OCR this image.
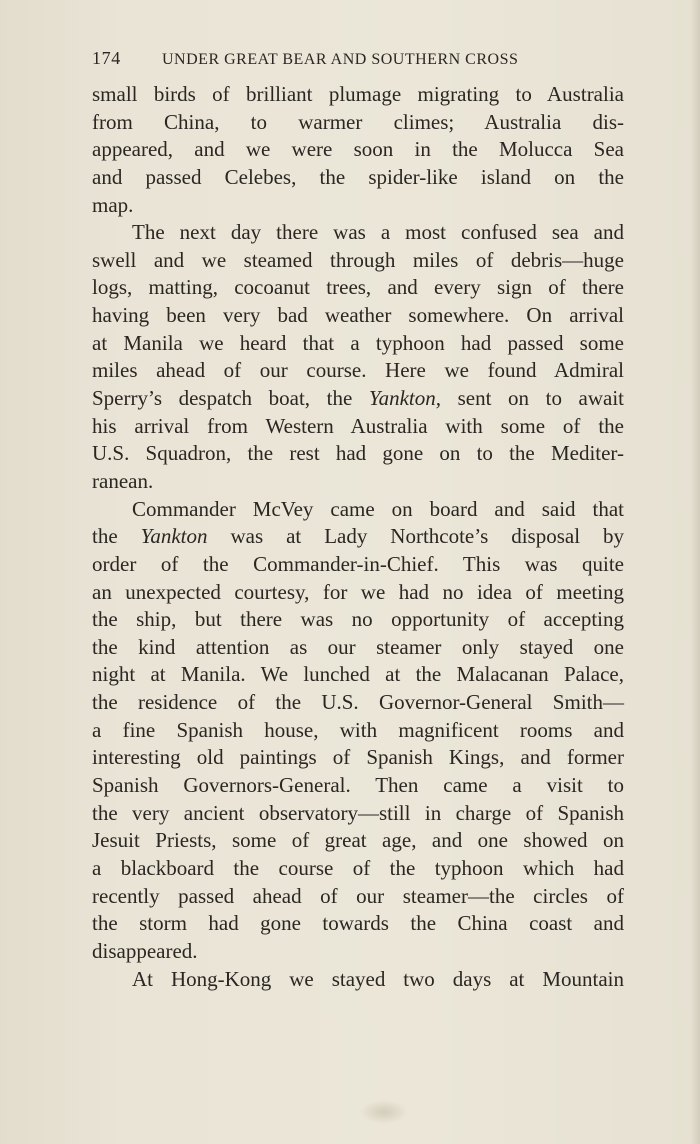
174	UNDER GREAT BEAR AND SOUTHERN CROSS
small birds of brilliant plumage migrating to Australia
from China, to warmer climes; Australia dis-
appeared, and we were soon in the Molucca Sea
and passed Celebes, the spider-like island on the
map.
The next day there was a most confused sea and
swell and we steamed through miles of debris—huge
logs, matting, cocoanut trees, and every sign of there
having been very bad weather somewhere. On arrival
at Manila we heard that a typhoon had passed some
miles ahead of our course. Here we found Admiral
Sperry’s despatch boat, the Yankton, sent on to await
his arrival from Western Australia with some of the
U.S. Squadron, the rest had gone on to the Mediter-
ranean.
Commander McVey came on board and said that
the Yankton was at Lady Northcote’s disposal by
order of the Commander-in-Chief. This was quite
an unexpected courtesy, for we had no idea of meeting
the ship, but there was no opportunity of accepting
the kind attention as our steamer only stayed one
night at Manila. We lunched at the Malacanan Palace,
the residence of the U.S. Governor-General Smith—
a fine Spanish house, with magnificent rooms and
interesting old paintings of Spanish Kings, and former
Spanish Governors-General. Then came a visit to
the very ancient observatory—still in charge of Spanish
Jesuit Priests, some of great age, and one showed on
a blackboard the course of the typhoon which had
recently passed ahead of our steamer—the circles of
the storm had gone towards the China coast and
disappeared.
At Hong-Kong we stayed two days at Mountain
